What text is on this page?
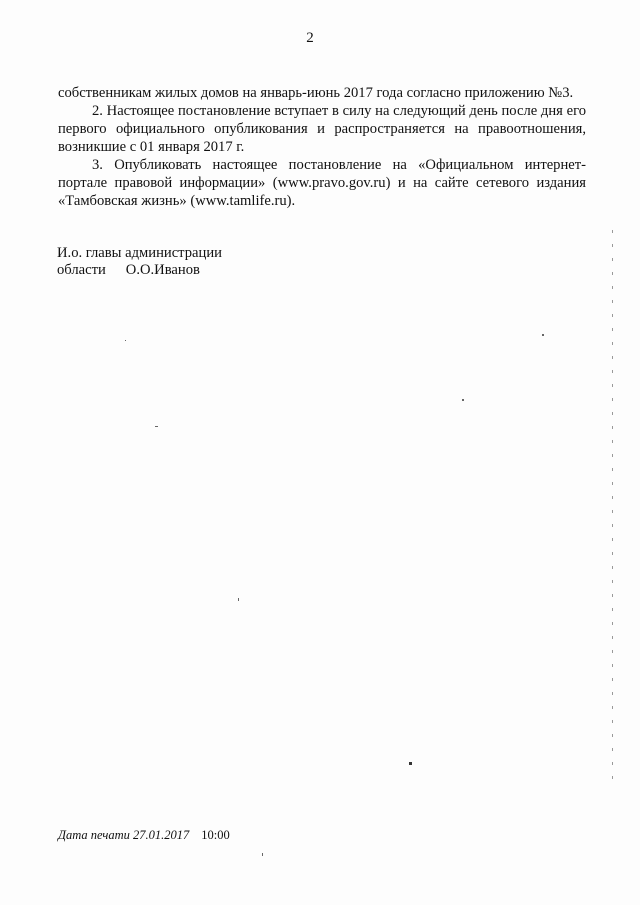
2

собственникам жилых домов на январь-июнь 2017 года согласно приложению №3.

2. Настоящее постановление вступает в силу на следующий день после дня его первого официального опубликования и распространяется на правоотношения, возникшие с 01 января 2017 г.

3. Опубликовать настоящее постановление на «Официальном интернет-портале правовой информации» (www.pravo.gov.ru) и на сайте сетевого издания «Тамбовская жизнь» (www.tamlife.ru).

И.о. главы администрации
области О.О.Иванов
Дата печати 27.01.2017 10:00
